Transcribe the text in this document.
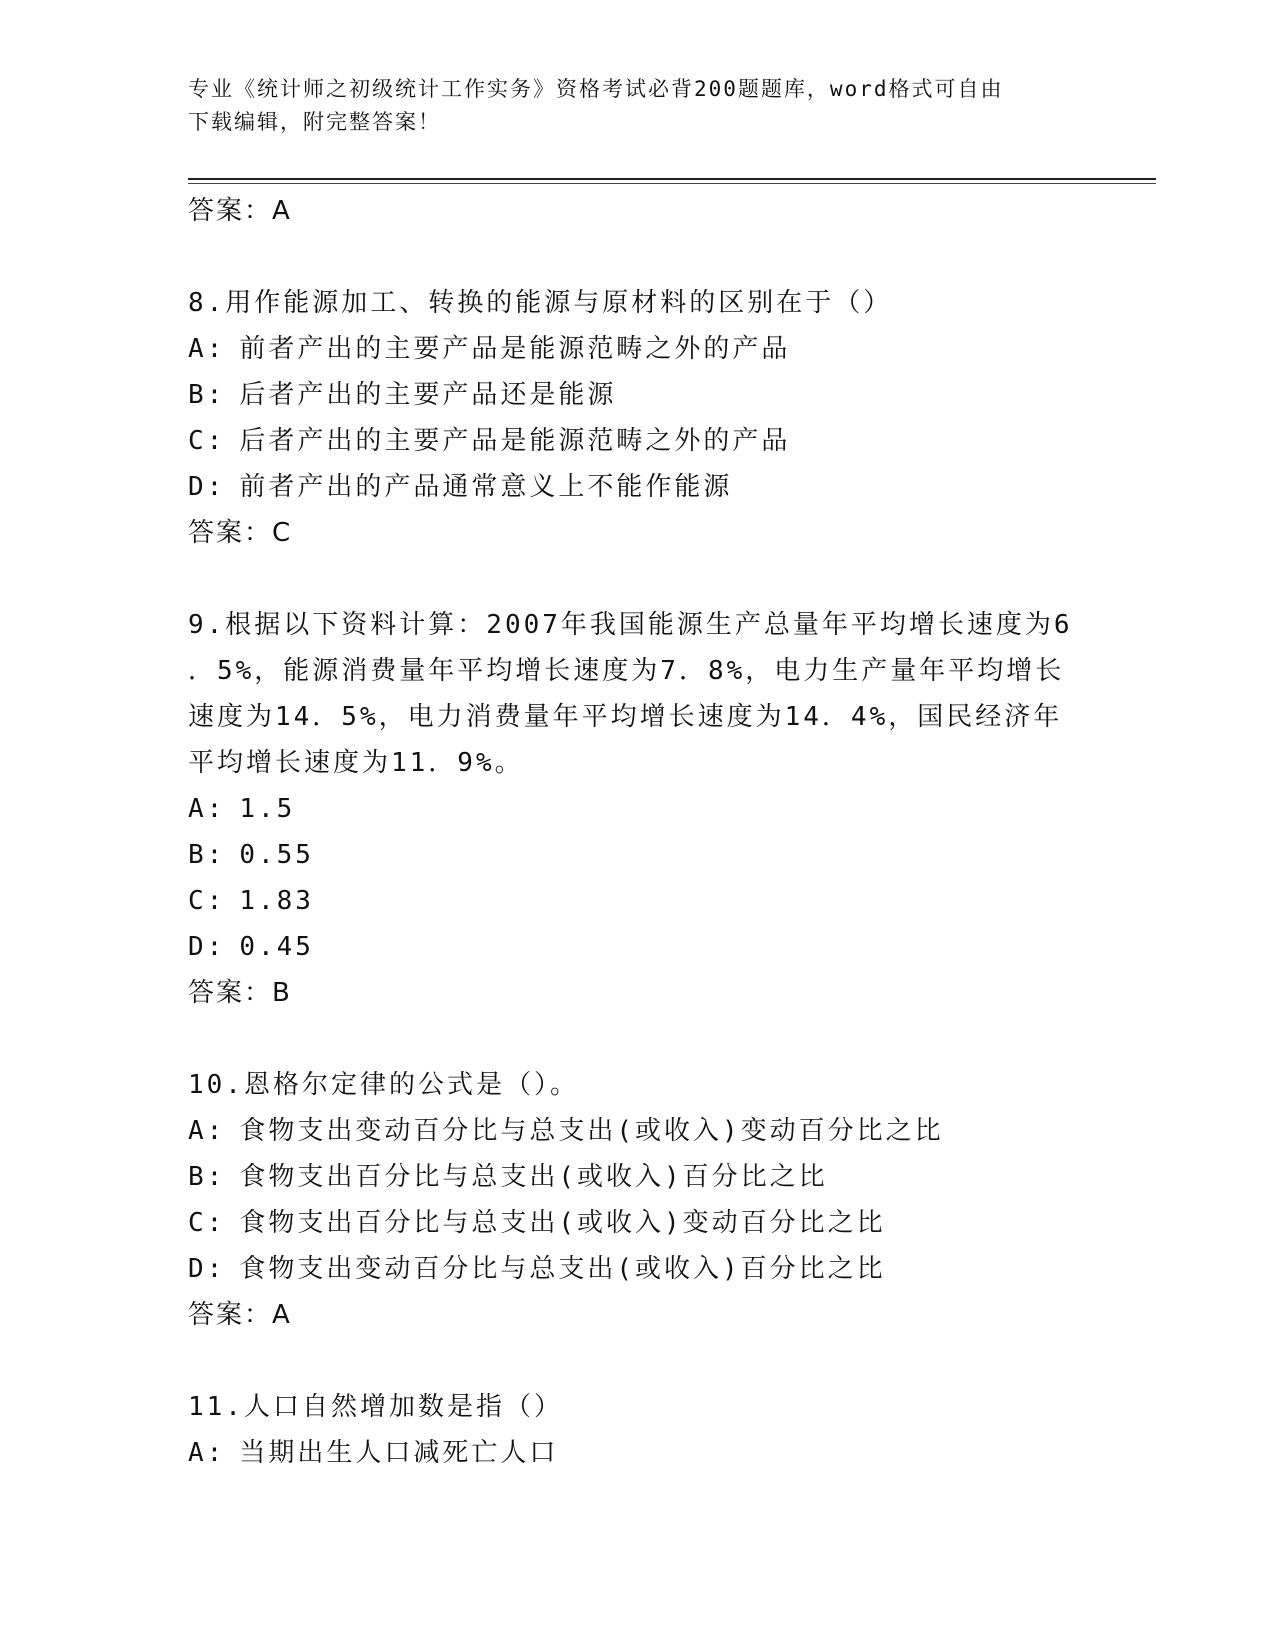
专业《统计师之初级统计工作实务》资格考试必背200题题库，word格式可自由
下载编辑，附完整答案！

答案：A

8.用作能源加工、转换的能源与原材料的区别在于（）

A: 前者产出的主要产品是能源范畴之外的产品

B: 后者产出的主要产品还是能源

C: 后者产出的主要产品是能源范畴之外的产品

D: 前者产出的产品通常意义上不能作能源

答案：C

9.根据以下资料计算：2007年我国能源生产总量年平均增长速度为6

．5%，能源消费量年平均增长速度为7．8%，电力生产量年平均增长

速度为14．5%，电力消费量年平均增长速度为14．4%，国民经济年

平均增长速度为11．9%。

A: 1.5

B: 0.55

C: 1.83

D: 0.45

答案：B

10.恩格尔定律的公式是（）。

A: 食物支出变动百分比与总支出(或收入)变动百分比之比

B: 食物支出百分比与总支出(或收入)百分比之比

C: 食物支出百分比与总支出(或收入)变动百分比之比

D: 食物支出变动百分比与总支出(或收入)百分比之比

答案：A

11.人口自然增加数是指（）

A: 当期出生人口减死亡人口
